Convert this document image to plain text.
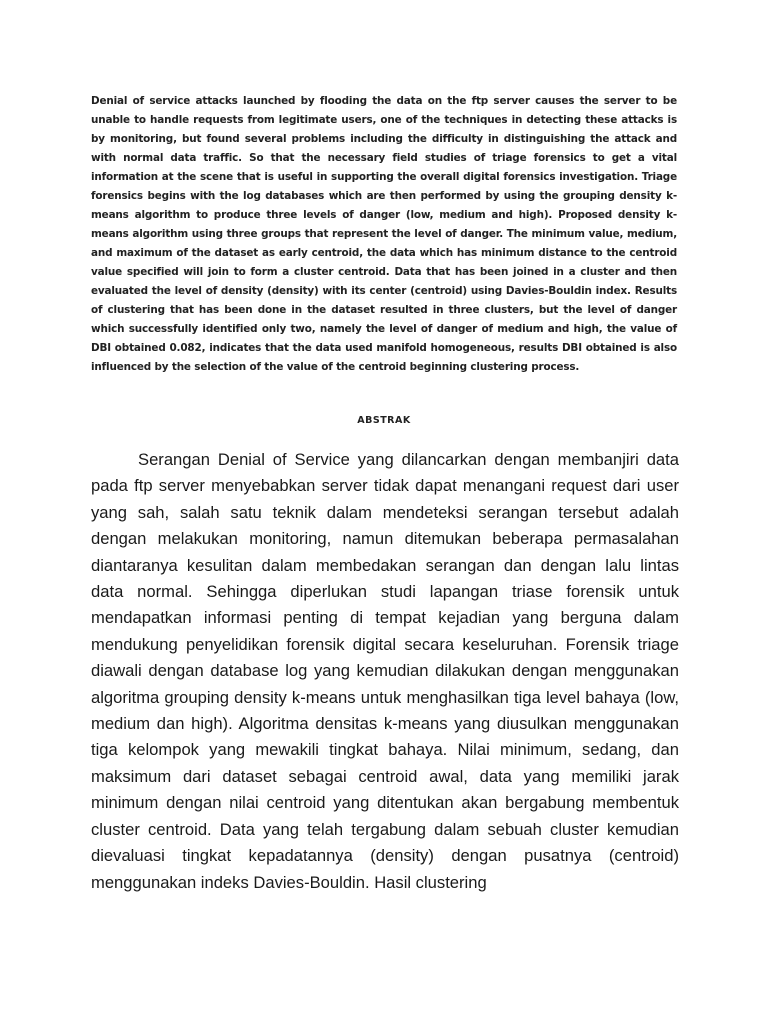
Denial of service attacks launched by flooding the data on the ftp server causes the server to be unable to handle requests from legitimate users, one of the techniques in detecting these attacks is by monitoring, but found several problems including the difficulty in distinguishing the attack and with normal data traffic. So that the necessary field studies of triage forensics to get a vital information at the scene that is useful in supporting the overall digital forensics investigation. Triage forensics begins with the log databases which are then performed by using the grouping density k-means algorithm to produce three levels of danger (low, medium and high). Proposed density k-means algorithm using three groups that represent the level of danger. The minimum value, medium, and maximum of the dataset as early centroid, the data which has minimum distance to the centroid value specified will join to form a cluster centroid. Data that has been joined in a cluster and then evaluated the level of density (density) with its center (centroid) using Davies-Bouldin index. Results of clustering that has been done in the dataset resulted in three clusters, but the level of danger which successfully identified only two, namely the level of danger of medium and high, the value of DBI obtained 0.082, indicates that the data used manifold homogeneous, results DBI obtained is also influenced by the selection of the value of the centroid beginning clustering process.

ABSTRAK

Serangan Denial of Service yang dilancarkan dengan membanjiri data pada ftp server menyebabkan server tidak dapat menangani request dari user yang sah, salah satu teknik dalam mendeteksi serangan tersebut adalah dengan melakukan monitoring, namun ditemukan beberapa permasalahan diantaranya kesulitan dalam membedakan serangan dan dengan lalu lintas data normal. Sehingga diperlukan studi lapangan triase forensik untuk mendapatkan informasi penting di tempat kejadian yang berguna dalam mendukung penyelidikan forensik digital secara keseluruhan. Forensik triage diawali dengan database log yang kemudian dilakukan dengan menggunakan algoritma grouping density k-means untuk menghasilkan tiga level bahaya (low, medium dan high). Algoritma densitas k-means yang diusulkan menggunakan tiga kelompok yang mewakili tingkat bahaya. Nilai minimum, sedang, dan maksimum dari dataset sebagai centroid awal, data yang memiliki jarak minimum dengan nilai centroid yang ditentukan akan bergabung membentuk cluster centroid. Data yang telah tergabung dalam sebuah cluster kemudian dievaluasi tingkat kepadatannya (density) dengan pusatnya (centroid) menggunakan indeks Davies-Bouldin. Hasil clustering
